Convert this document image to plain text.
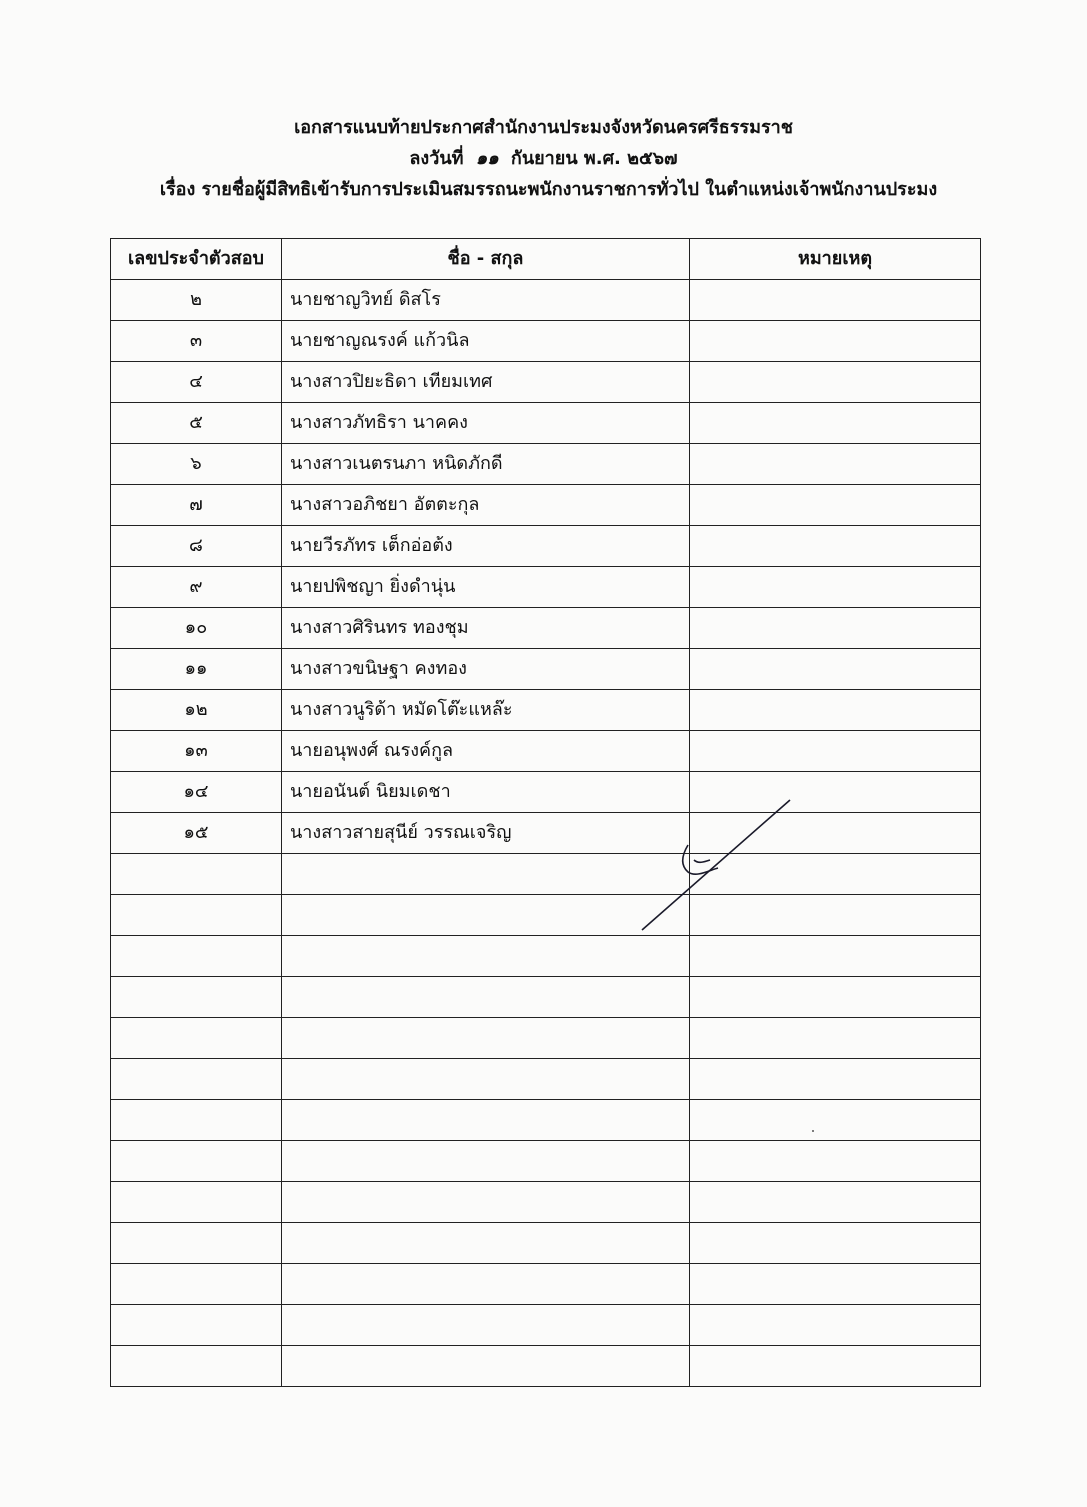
เอกสารแนบท้ายประกาศสำนักงานประมงจังหวัดนครศรีธรรมราช
ลงวันที่ ๑๑ กันยายน พ.ศ. ๒๕๖๗
เรื่อง รายชื่อผู้มีสิทธิเข้ารับการประเมินสมรรถนะพนักงานราชการทั่วไป ในตำแหน่งเจ้าพนักงานประมง
เลขประจำตัวสอบ	ชื่อ - สกุล	หมายเหตุ
๒	นายชาญวิทย์ ดิสโร	
๓	นายชาญณรงค์ แก้วนิล	
๔	นางสาวปิยะธิดา เทียมเทศ	
๕	นางสาวภัทธิรา นาคคง	
๖	นางสาวเนตรนภา หนิดภักดี	
๗	นางสาวอภิชยา อัตตะกุล	
๘	นายวีรภัทร เต็กอ่อต้ง	
๙	นายปพิชญา ยิ่งดำนุ่น	
๑๐	นางสาวศิรินทร ทองชุม	
๑๑	นางสาวขนิษฐา คงทอง	
๑๒	นางสาวนูริด้า หมัดโต๊ะแหล๊ะ	
๑๓	นายอนุพงศ์ ณรงค์กูล	
๑๔	นายอนันต์ นิยมเดชา	
๑๕	นางสาวสายสุนีย์ วรรณเจริญ	
